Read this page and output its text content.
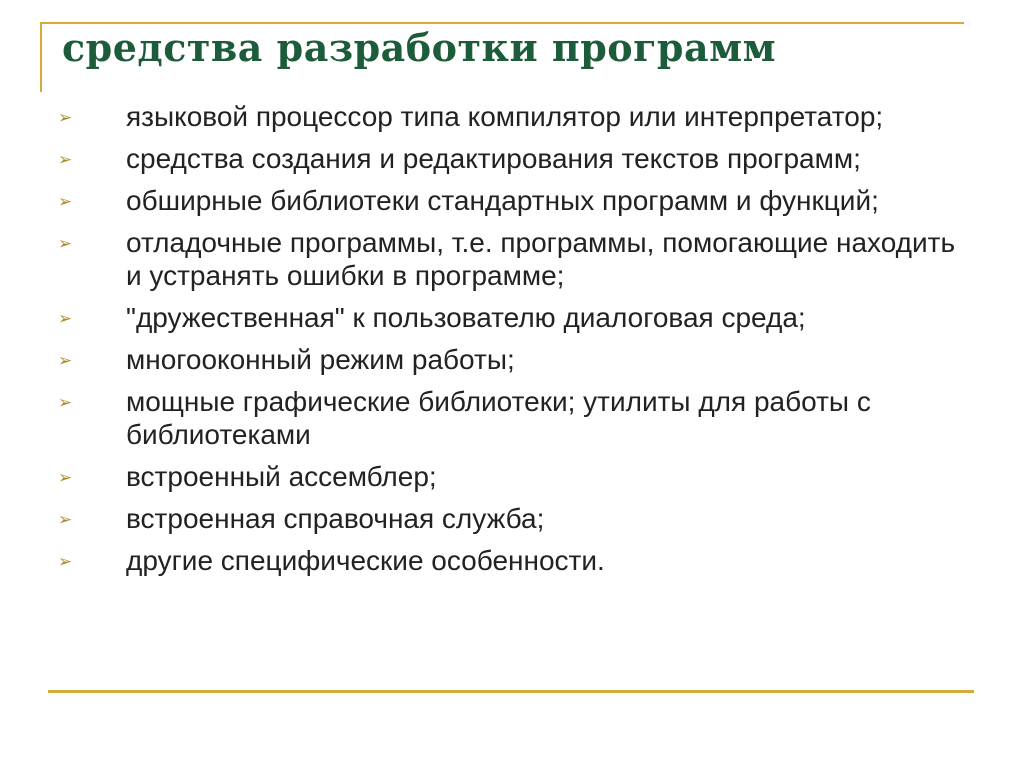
средства разработки программ
➢ языковой процессор типа компилятор или интерпретатор;
➢ средства создания и редактирования текстов программ;
➢ обширные библиотеки стандартных программ и функций;
➢ отладочные программы, т.е. программы, помогающие находить и устранять ошибки в программе;
➢ "дружественная" к пользователю диалоговая среда;
➢ многооконный режим работы;
➢ мощные графические библиотеки; утилиты для работы с библиотеками
➢ встроенный ассемблер;
➢ встроенная справочная служба;
➢ другие специфические особенности.
